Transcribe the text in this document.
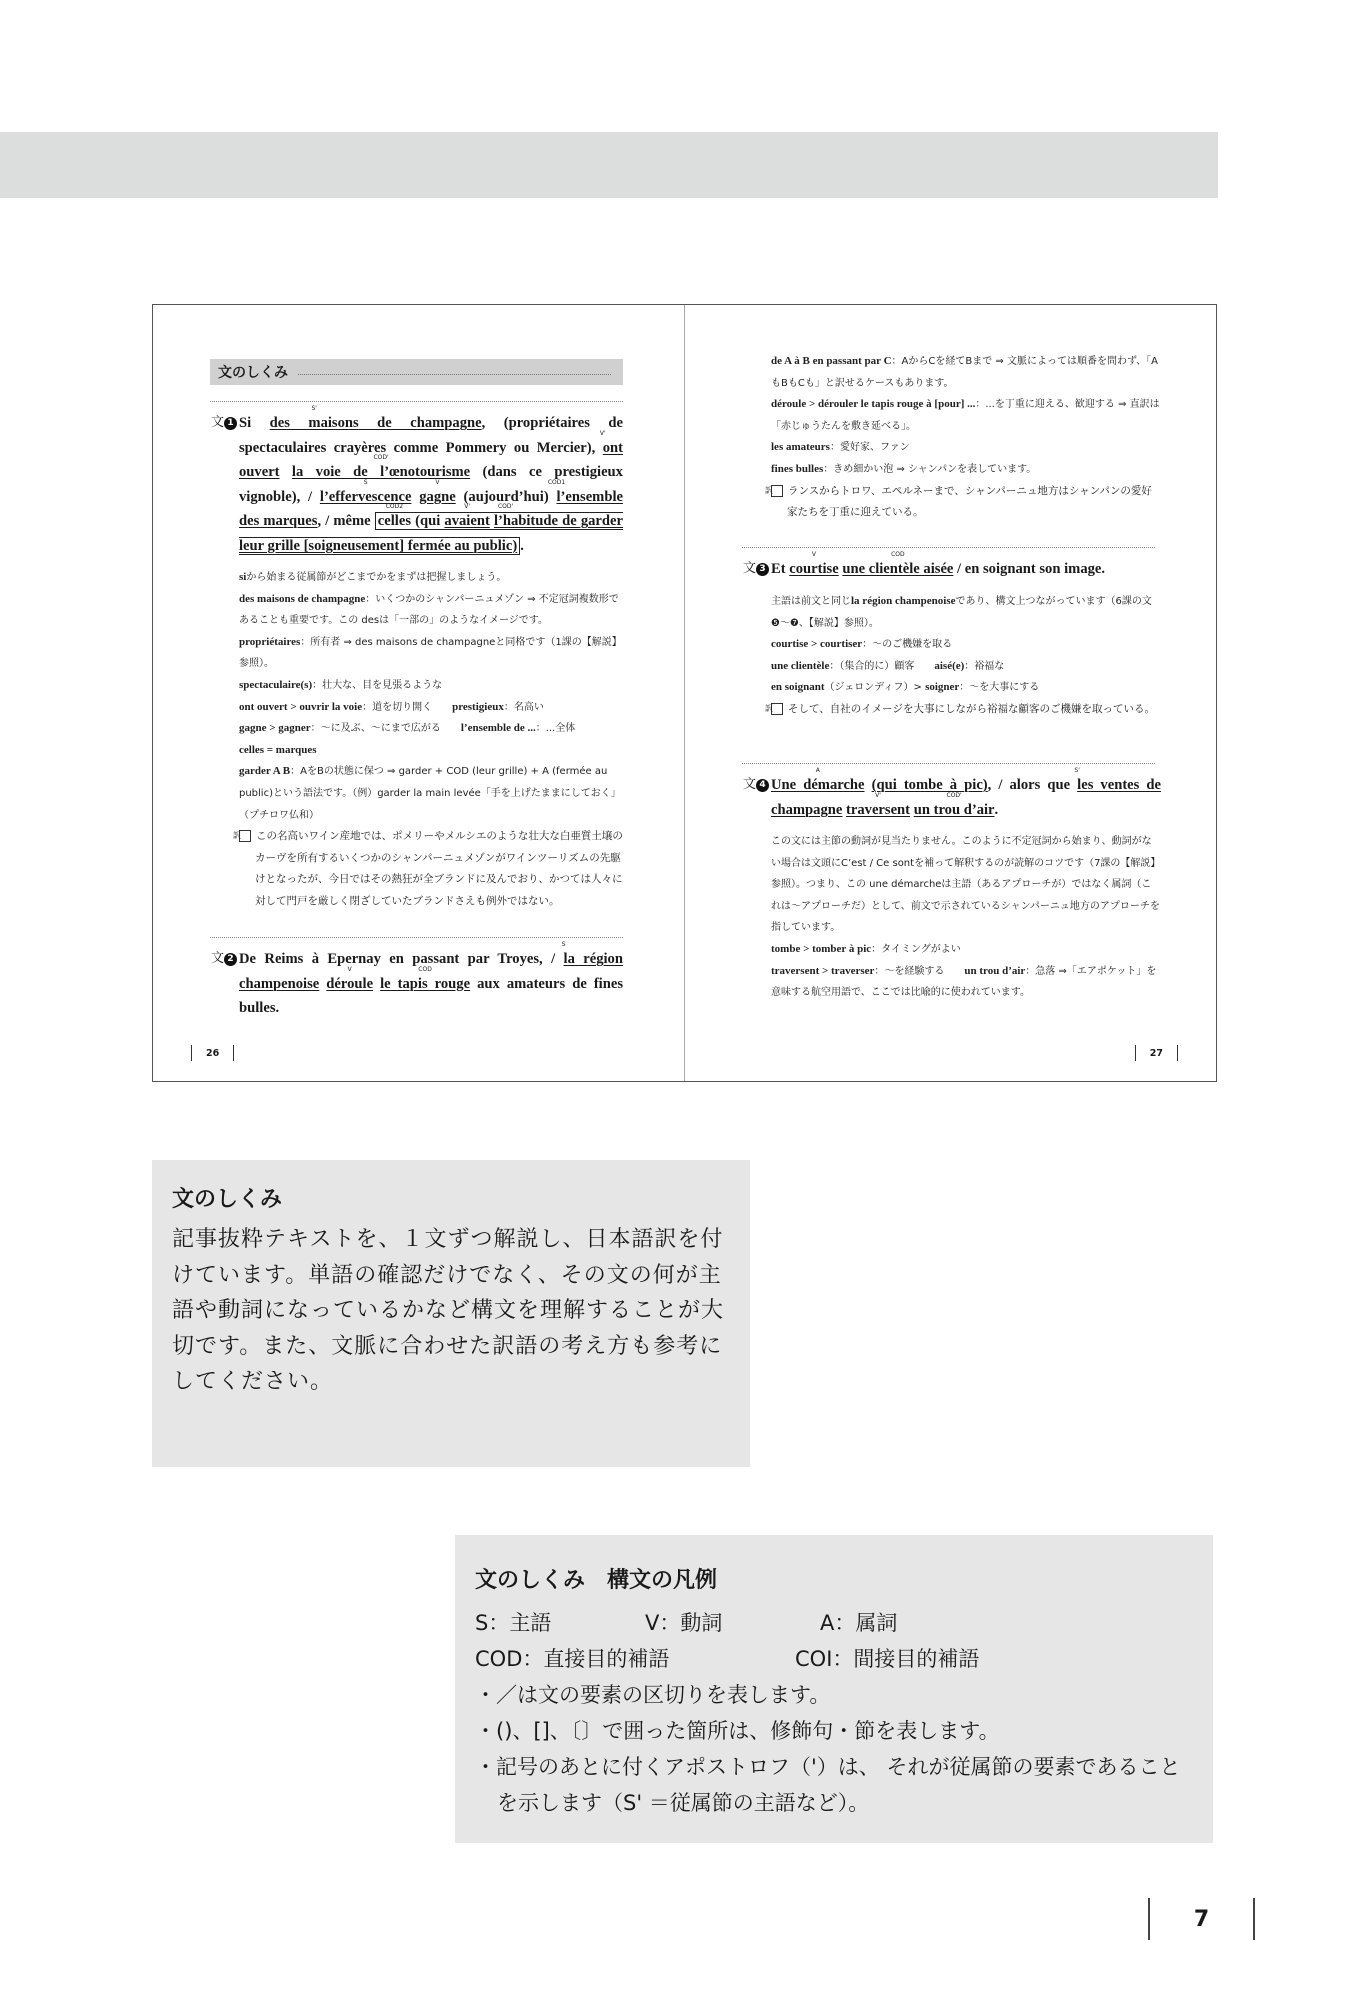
文のしくみ
文 1 Si des maisons
S'
de champagne, (propriétaires de spectaculaires crayères comme Pommery ou Mercier), ont ouvert
V'
la voie de l’œnotourisme
COD'
(dans ce prestigieux vignoble), / l’effervescence
S
gagne
V
(aujourd’hui) l’ensemble des marques
COD1
, / même celles
COD2
(qui avaient
V'
l’habitude de garder leur grille [soigneusement] fermée au public)
COD'
.

siから始まる従属節がどこまでかをまずは把握しましょう。

des maisons de champagne：いくつかのシャンパーニュメゾン ⇒ 不定冠詞複数形であることも重要です。この desは「一部の」のようなイメージです。

propriétaires：所有者 ⇒ des maisons de champagneと同格です（1課の【解説】参照）。

spectaculaire(s)：壮大な、目を見張るような

ont ouvert > ouvrir la voie：道を切り開く   prestigieux：名高い

gagne > gagner：〜に及ぶ、〜にまで広がる   l’ensemble de ...：...全体

celles = marques

garder A B：AをBの状態に保つ ⇒ garder + COD (leur grille) + A (fermée au public)という語法です。（例）garder la main levée「手を上げたままにしておく」（プチロワ仏和）

訳 この名高いワイン産地では、ポメリーやメルシエのような壮大な白亜質土壌のカーヴを所有するいくつかのシャンパーニュメゾンがワインツーリズムの先駆けとなったが、今日ではその熱狂が全ブランドに及んでおり、かつては人々に対して門戸を厳しく閉ざしていたブランドさえも例外ではない。

文 2 De Reims à Epernay en passant par Troyes, / la région champenoise
S
déroule
V
le tapis rouge
COD
aux amateurs de fines bulles.
26

de A à B en passant par C：AからCを経てBまで ⇒ 文脈によっては順番を問わず、「AもBもCも」と訳せるケースもあります。

déroule > dérouler le tapis rouge à [pour] ...：...を丁重に迎える、歓迎する ⇒ 直訳は「赤じゅうたんを敷き延べる」。

les amateurs：愛好家、ファン

fines bulles：きめ細かい泡 ⇒ シャンパンを表しています。

訳 ランスからトロワ、エペルネーまで、シャンパーニュ地方はシャンパンの愛好家たちを丁重に迎えている。

文 3 Et courtise
V
une clientèle aisée
COD
/ en soignant son image.

主語は前文と同じla région champenoiseであり、構文上つながっています（6課の文❺〜❼、【解説】参照）。

courtise > courtiser：〜のご機嫌を取る

une clientèle：（集合的に）顧客   aisé(e)：裕福な

en soignant（ジェロンディフ）> soigner：〜を大事にする

訳 そして、自社のイメージを大事にしながら裕福な顧客のご機嫌を取っている。

文 4 Une démarche
A
(qui tombe à pic), / alors que les ventes de champagne
S'
traversent
V'
un trou d’air
COD'
.

この文には主節の動詞が見当たりません。このように不定冠詞から始まり、動詞がない場合は文頭にC’est / Ce sontを補って解釈するのが読解のコツです（7課の【解説】参照）。つまり、この une démarcheは主語（あるアプローチが）ではなく属詞（これは〜アプローチだ）として、前文で示されているシャンパーニュ地方のアプローチを指しています。

tombe > tomber à pic：タイミングがよい

traversent > traverser：〜を経験する   un trou d’air：急落 ⇒「エアポケット」を意味する航空用語で、ここでは比喩的に使われています。

27
文のしくみ
記事抜粋テキストを、１文ずつ解説し、日本語訳を付けています。単語の確認だけでなく、その文の何が主語や動詞になっているかなど構文を理解することが大切です。また、文脈に合わせた訳語の考え方も参考にしてください。
文のしくみ　構文の凡例
S：主語	V：動詞	A：属詞
COD：直接目的補語	COI：間接目的補語
・／は文の要素の区切りを表します。
・()、[]、〔〕で囲った箇所は、修飾句・節を表します。
・記号のあとに付くアポストロフ（'）は、 それが従属節の要素であることを示します（S' ＝従属節の主語など）。
7
